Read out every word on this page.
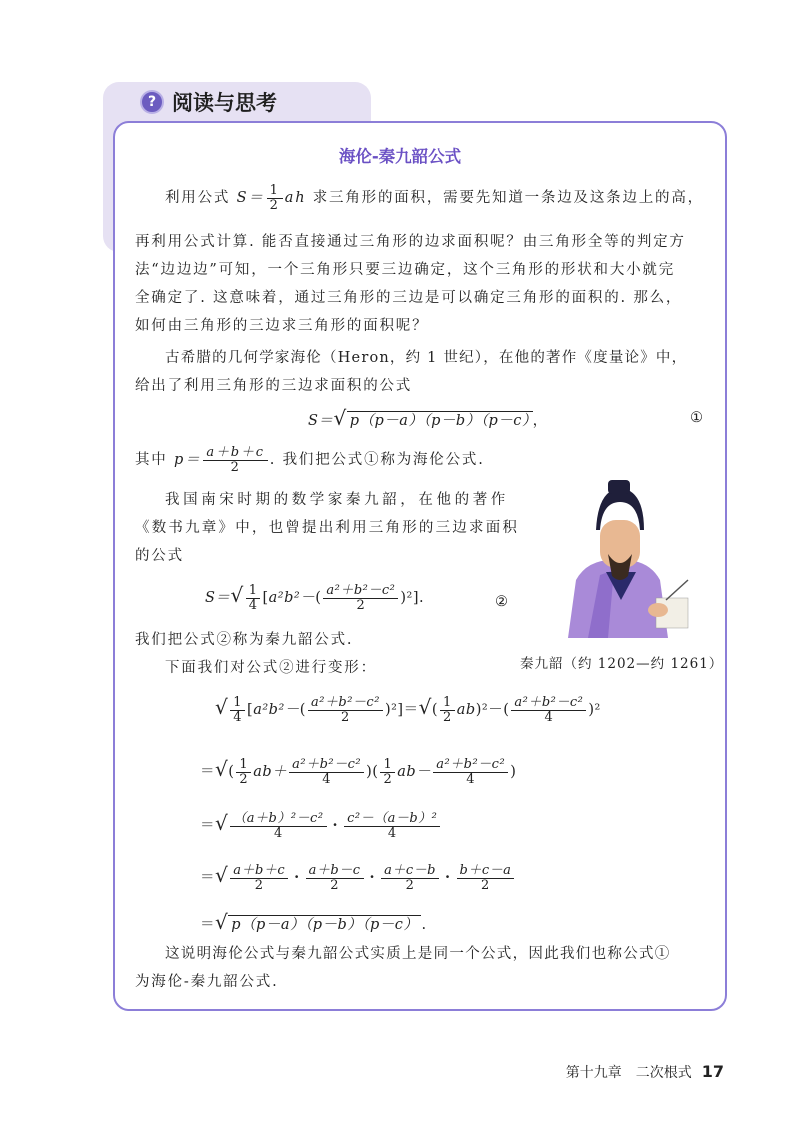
? 阅读与思考
海伦-秦九韶公式
利用公式 $S= \frac{1}{2}$ ah 求三角形的面积，需要先知道一条边及这条边上的高，
再利用公式计算. 能否直接通过三角形的边求面积呢？由三角形全等的判定方
法“边边边”可知，一个三角形只要三边确定，这个三角形的形状和大小就完
全确定了. 这意味着，通过三角形的三边是可以确定三角形的面积的. 那么，
如何由三角形的三边求三角形的面积呢？
古希腊的几何学家海伦（Heron，约 1 世纪），在他的著作《度量论》中，
给出了利用三角形的三边求面积的公式
S＝√ p（p－a）（p－b）（p－c） ，	①
其中 $p= \frac{a+b+c}{2}$ . 我们把公式①称为海伦公式.
我国南宋时期的数学家秦九韶，在他的著作
《数书九章》中，也曾提出利用三角形的三边求面积
的公式
$S=√ \frac{1}{4} [a^2b^2-( \frac{\text{a²＋b²－c²}}{2} )^2]$.	②
我们把公式②称为秦九韶公式.
下面我们对公式②进行变形：	秦九韶（约 1202—约 1261）
√ $\frac{1}{4} [a^2b^2-( \frac{\text{a²＋b²－c²}}{2} )^2]=√( \frac{1}{2} ab)^2-( \frac{\text{a²＋b²－c²}}{4} )^2$
＝√( $\frac{1}{2} ab+ \frac{\text{a²＋b²－c²}}{4}$ )( $\frac{1}{2} ab- \frac{\text{a²＋b²－c²}}{4}$ )
＝√ $\frac{\text{（a＋b）²－c²}}{4} \cdot \frac{\text{c²－（a－b）²}}{4}$
＝√ $\frac{a+b+c}{2} \cdot \frac{a+b-c}{2} \cdot \frac{a+c-b}{2} \cdot \frac{b+c-a}{2}$
＝√ p（p－a）（p－b）（p－c） .
这说明海伦公式与秦九韶公式实质上是同一个公式，因此我们也称公式①
为海伦-秦九韶公式.
第十九章　二次根式 17
